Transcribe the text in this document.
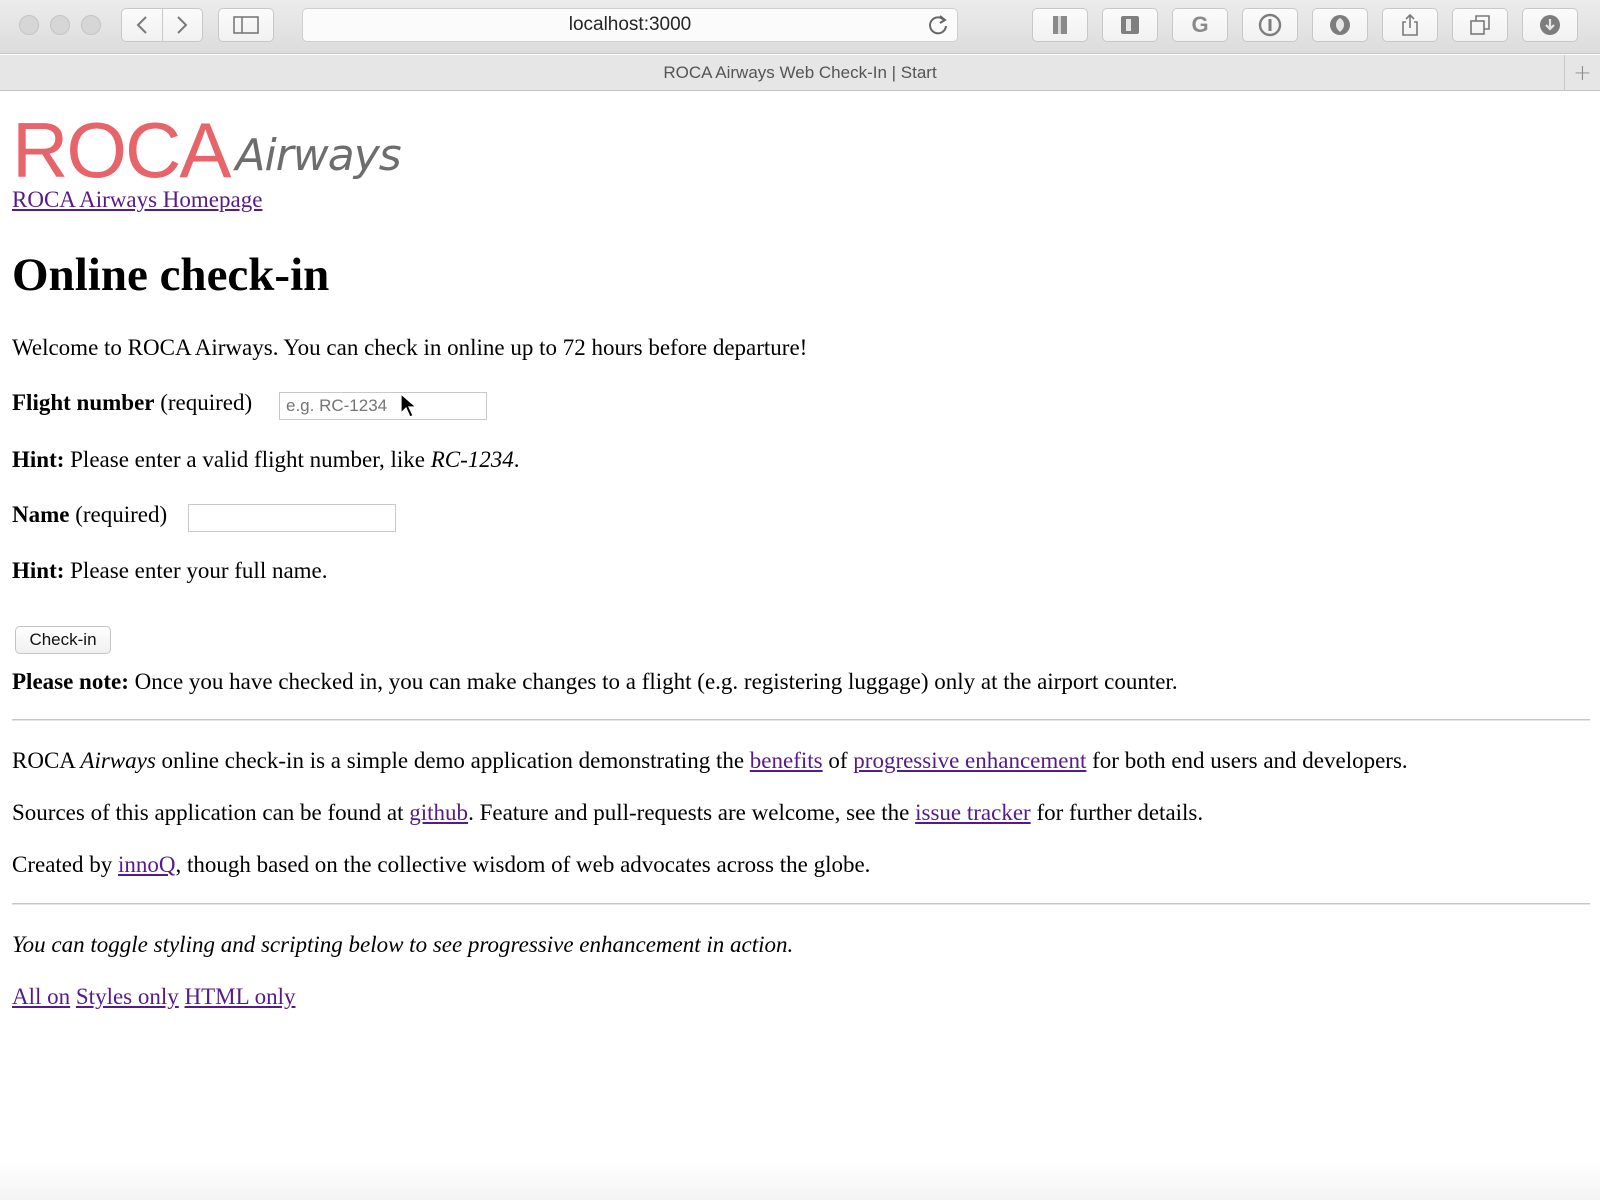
localhost:3000	G
ROCA Airways Web Check-In | Start	+
ROCA Airways
ROCA Airways Homepage
Online check-in
Welcome to ROCA Airways. You can check in online up to 72 hours before departure!
Flight number (required)
e.g. RC-1234
Hint: Please enter a valid flight number, like RC-1234.
Name (required)
Hint: Please enter your full name.
Check-in
Please note: Once you have checked in, you can make changes to a flight (e.g. registering luggage) only at the airport counter.
ROCA Airways online check-in is a simple demo application demonstrating the benefits of progressive enhancement for both end users and developers.
Sources of this application can be found at github. Feature and pull-requests are welcome, see the issue tracker for further details.
Created by innoQ, though based on the collective wisdom of web advocates across the globe.
You can toggle styling and scripting below to see progressive enhancement in action.
All on Styles only HTML only
